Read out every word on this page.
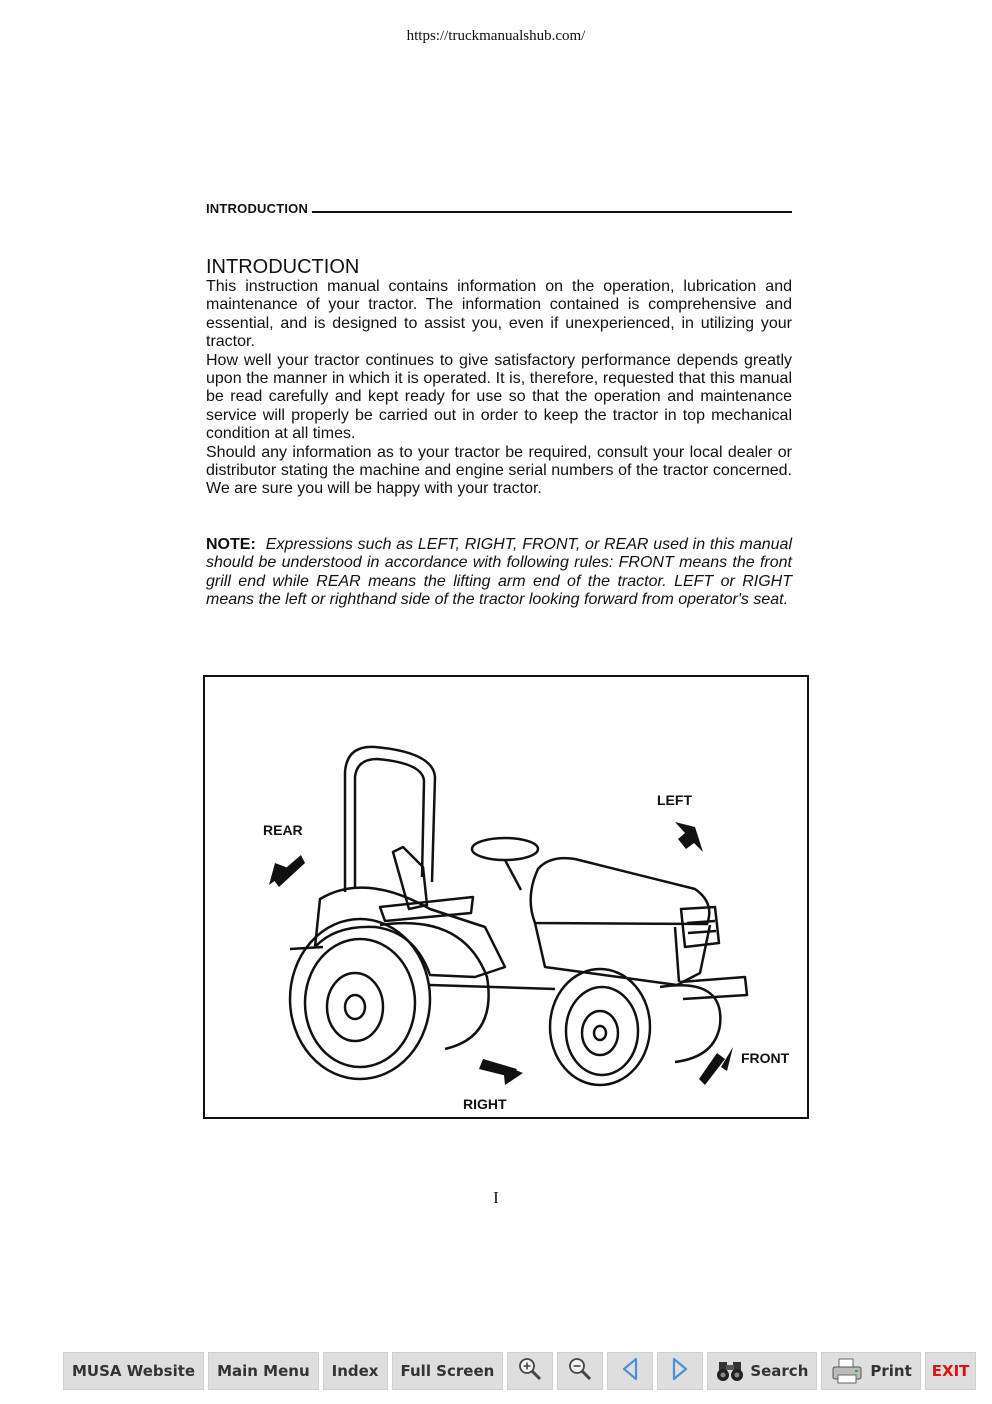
https://truckmanualshub.com/
INTRODUCTION
INTRODUCTION

This instruction manual contains information on the operation, lubrication and maintenance of your tractor. The information contained is comprehensive and essential, and is designed to assist you, even if unexperienced, in utilizing your tractor.

How well your tractor continues to give satisfactory performance depends greatly upon the manner in which it is operated. It is, therefore, requested that this manual be read carefully and kept ready for use so that the operation and maintenance service will properly be carried out in order to keep the tractor in top mechanical condition at all times.

Should any information as to your tractor be required, consult your local dealer or distributor stating the machine and engine serial numbers of the tractor concerned. We are sure you will be happy with your tractor.

NOTE: Expressions such as LEFT, RIGHT, FRONT, or REAR used in this manual should be understood in accordance with following rules: FRONT means the front grill end while REAR means the lifting arm end of the tractor. LEFT or RIGHT means the left or righthand side of the tractor looking forward from operator's seat.
LEFT
REAR
FRONT
RIGHT
I
MUSA Website Main Menu Index Full Screen	Search	Print EXIT
